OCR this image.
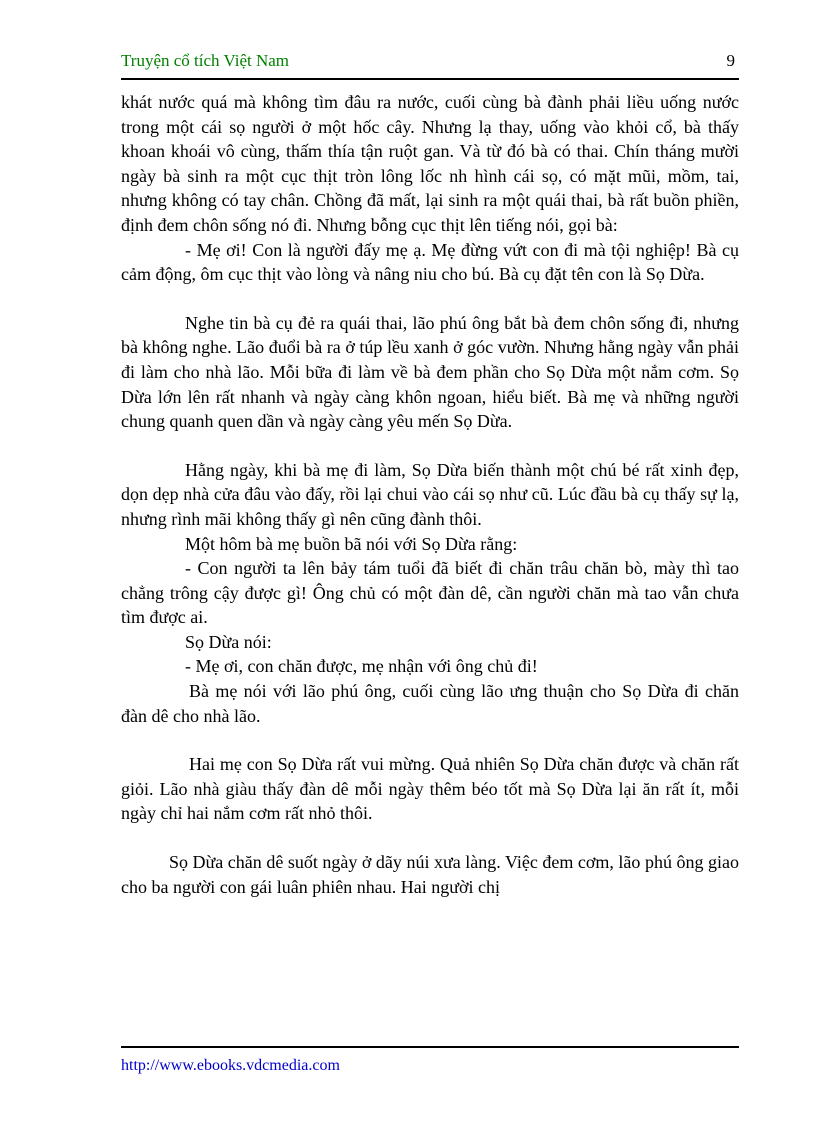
Truyện cổ tích Việt Nam	9

khát nước quá mà không tìm đâu ra nước, cuối cùng bà đành phải liều uống nước trong một cái sọ người ở một hốc cây. Nhưng lạ thay, uống vào khỏi cổ, bà thấy khoan khoái vô cùng, thấm thía tận ruột gan. Và từ đó bà có thai. Chín tháng mười ngày bà sinh ra một cục thịt tròn lông lốc nh hình cái sọ, có mặt mũi, mồm, tai, nhưng không có tay chân. Chồng đã mất, lại sinh ra một quái thai, bà rất buồn phiền, định đem chôn sống nó đi. Nhưng bỗng cục thịt lên tiếng nói, gọi bà:

- Mẹ ơi! Con là người đấy mẹ ạ. Mẹ đừng vứt con đi mà tội nghiệp! Bà cụ cảm động, ôm cục thịt vào lòng và nâng niu cho bú. Bà cụ đặt tên con là Sọ Dừa.

Nghe tin bà cụ đẻ ra quái thai, lão phú ông bắt bà đem chôn sống đi, nhưng bà không nghe. Lão đuổi bà ra ở túp lều xanh ở góc vườn. Nhưng hằng ngày vẫn phải đi làm cho nhà lão. Mỗi bữa đi làm về bà đem phần cho Sọ Dừa một nắm cơm. Sọ Dừa lớn lên rất nhanh và ngày càng khôn ngoan, hiểu biết. Bà mẹ và những người chung quanh quen dần và ngày càng yêu mến Sọ Dừa.

Hằng ngày, khi bà mẹ đi làm, Sọ Dừa biến thành một chú bé rất xinh đẹp, dọn dẹp nhà cửa đâu vào đấy, rồi lại chui vào cái sọ như cũ. Lúc đầu bà cụ thấy sự lạ, nhưng rình mãi không thấy gì nên cũng đành thôi.

Một hôm bà mẹ buồn bã nói với Sọ Dừa rằng:

- Con người ta lên bảy tám tuổi đã biết đi chăn trâu chăn bò, mày thì tao chẳng trông cậy được gì! Ông chủ có một đàn dê, cần người chăn mà tao vẫn chưa tìm được ai.

Sọ Dừa nói:

- Mẹ ơi, con chăn được, mẹ nhận với ông chủ đi!

Bà mẹ nói với lão phú ông, cuối cùng lão ưng thuận cho Sọ Dừa đi chăn đàn dê cho nhà lão.

Hai mẹ con Sọ Dừa rất vui mừng. Quả nhiên Sọ Dừa chăn được và chăn rất giỏi. Lão nhà giàu thấy đàn dê mỗi ngày thêm béo tốt mà Sọ Dừa lại ăn rất ít, mỗi ngày chỉ hai nắm cơm rất nhỏ thôi.

Sọ Dừa chăn dê suốt ngày ở dãy núi xưa làng. Việc đem cơm, lão phú ông giao cho ba người con gái luân phiên nhau. Hai người chị

http://www.ebooks.vdcmedia.com
